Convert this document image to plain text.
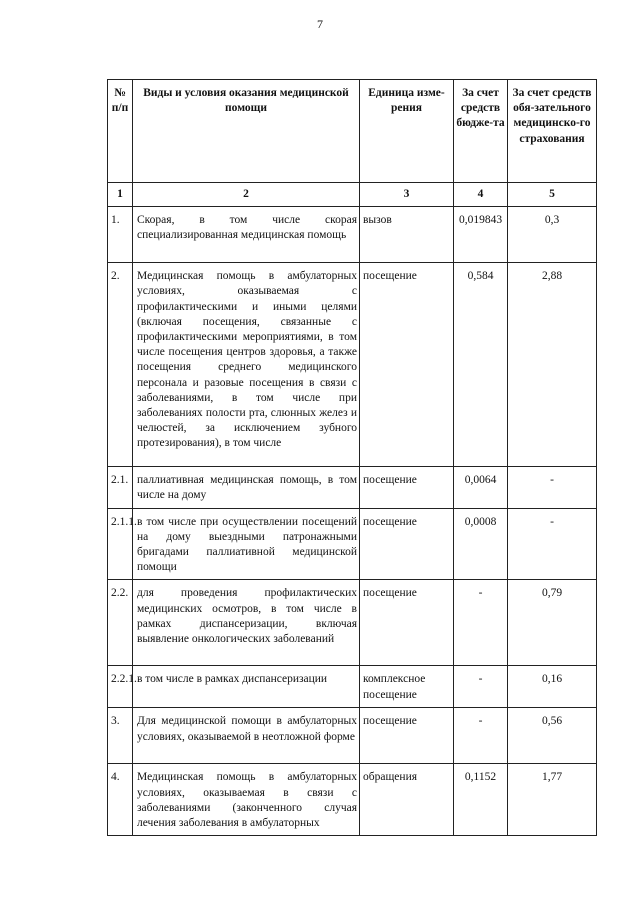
7
№ п/п	Виды и условия оказания медицинской помощи	Единица изме-рения	За счет средств бюдже-та	За счет средств обя-зательного медицинско-го страхования
1	2	3	4	5
1.	Скорая, в том числе скорая специализированная медицинская помощь	вызов	0,019843	0,3
2.	Медицинская помощь в амбулаторных условиях, оказываемая с профилактическими и иными целями (включая посещения, связанные с профилактическими мероприятиями, в том числе посещения центров здоровья, а также посещения среднего медицинского персонала и разовые посещения в связи с заболеваниями, в том числе при заболеваниях полости рта, слюнных желез и челюстей, за исключением зубного протезирования), в том числе	посещение	0,584	2,88
2.1.	паллиативная медицинская помощь, в том числе на дому	посещение	0,0064	-
2.1.1.	в том числе при осуществлении посещений на дому выездными патронажными бригадами паллиативной медицинской помощи	посещение	0,0008	-
2.2.	для проведения профилактических медицинских осмотров, в том числе в рамках диспансеризации, включая выявление онкологических заболеваний	посещение	-	0,79
2.2.1.	в том числе в рамках диспансеризации	комплексное посещение	-	0,16
3.	Для медицинской помощи в амбулаторных условиях, оказываемой в неотложной форме	посещение	-	0,56
4.	Медицинская помощь в амбулаторных условиях, оказываемая в связи с заболеваниями (законченного случая лечения заболевания в амбулаторных	обращения	0,1152	1,77
